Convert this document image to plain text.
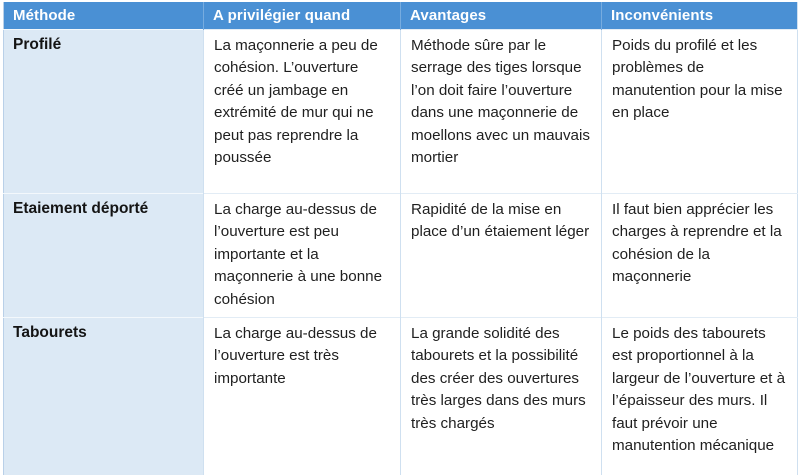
Méthode	A privilégier quand	Avantages	Inconvénients
Profilé	La maçonnerie a peu de cohésion. L’ouverture créé un jambage en extrémité de mur qui ne peut pas reprendre la poussée	Méthode sûre par le serrage des tiges lorsque l’on doit faire l’ouverture dans une maçonnerie de moellons avec un mauvais mortier	Poids du profilé et les problèmes de manutention pour la mise en place
Etaiement déporté	La charge au-dessus de l’ouverture est peu importante et la maçonnerie à une bonne cohésion	Rapidité de la mise en place d’un étaiement léger	Il faut bien apprécier les charges à reprendre et la cohésion de la maçonnerie
Tabourets	La charge au-dessus de l’ouverture est très importante	La grande solidité des tabourets et la possibilité des créer des ouvertures très larges dans des murs très chargés	Le poids des tabourets est proportionnel à la largeur de l’ouverture et à l’épaisseur des murs. Il faut prévoir une manutention mécanique
